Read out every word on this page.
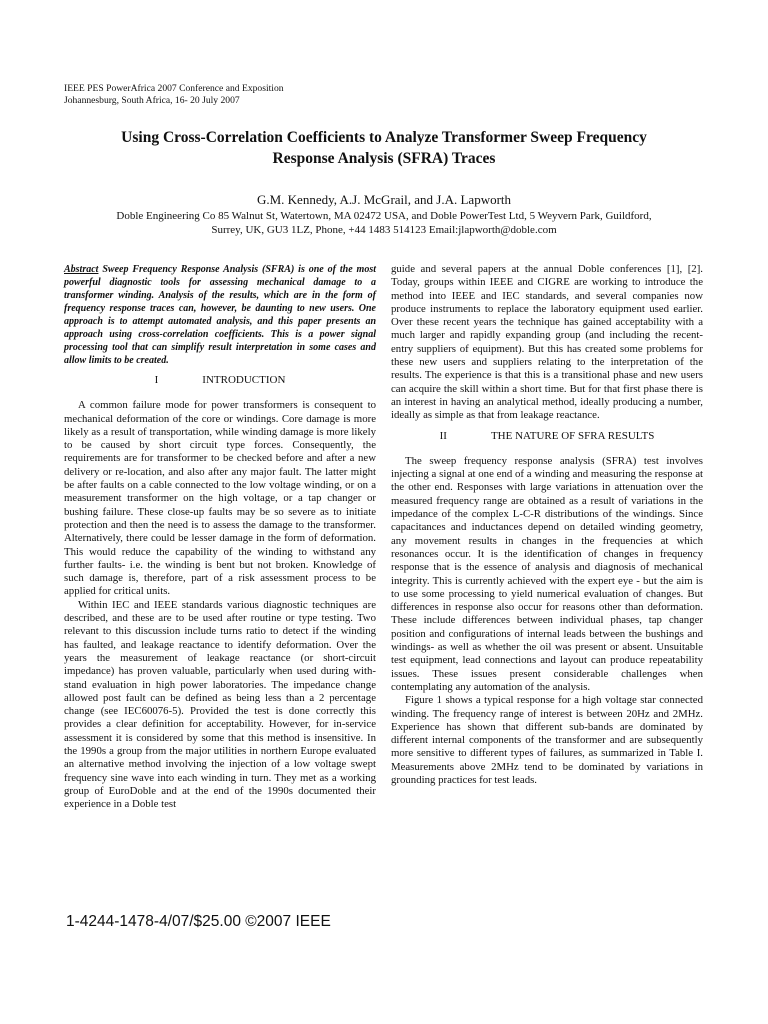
IEEE PES PowerAfrica 2007 Conference and Exposition
Johannesburg, South Africa, 16- 20 July 2007
Using Cross-Correlation Coefficients to Analyze Transformer Sweep Frequency
Response Analysis (SFRA) Traces
G.M. Kennedy, A.J. McGrail, and J.A. Lapworth
Doble Engineering Co 85 Walnut St, Watertown, MA 02472 USA, and Doble PowerTest Ltd, 5 Weyvern Park, Guildford,
Surrey, UK, GU3 1LZ, Phone, +44 1483 514123 Email:jlapworth@doble.com

Abstract Sweep Frequency Response Analysis (SFRA) is one of the most powerful diagnostic tools for assessing mechanical damage to a transformer winding. Analysis of the results, which are in the form of frequency response traces can, however, be daunting to new users. One approach is to attempt automated analysis, and this paper presents an approach using cross-correlation coefficients. This is a power signal processing tool that can simplify result interpretation in some cases and allow limits to be created.

I	INTRODUCTION

A common failure mode for power transformers is consequent to mechanical deformation of the core or windings. Core damage is more likely as a result of transportation, while winding damage is more likely to be caused by short circuit type forces. Consequently, the requirements are for transformer to be checked before and after a new delivery or re-location, and also after any major fault. The latter might be after faults on a cable connected to the low voltage winding, or on a measurement transformer on the high voltage, or a tap changer or bushing failure. These close-up faults may be so severe as to initiate protection and then the need is to assess the damage to the transformer. Alternatively, there could be lesser damage in the form of deformation. This would reduce the capability of the winding to withstand any further faults- i.e. the winding is bent but not broken. Knowledge of such damage is, therefore, part of a risk assessment process to be applied for critical units.

Within IEC and IEEE standards various diagnostic techniques are described, and these are to be used after routine or type testing. Two relevant to this discussion include turns ratio to detect if the winding has faulted, and leakage reactance to identify deformation. Over the years the measurement of leakage reactance (or short-circuit impedance) has proven valuable, particularly when used during with-stand evaluation in high power laboratories. The impedance change allowed post fault can be defined as being less than a 2 percentage change (see IEC60076-5). Provided the test is done correctly this provides a clear definition for acceptability. However, for in-service assessment it is considered by some that this method is insensitive. In the 1990s a group from the major utilities in northern Europe evaluated an alternative method involving the injection of a low voltage swept frequency sine wave into each winding in turn. They met as a working group of EuroDoble and at the end of the 1990s documented their experience in a Doble test

guide and several papers at the annual Doble conferences [1], [2]. Today, groups within IEEE and CIGRE are working to introduce the method into IEEE and IEC standards, and several companies now produce instruments to replace the laboratory equipment used earlier. Over these recent years the technique has gained acceptability with a much larger and rapidly expanding group (and including the recent-entry suppliers of equipment). But this has created some problems for these new users and suppliers relating to the interpretation of the results. The experience is that this is a transitional phase and new users can acquire the skill within a short time. But for that first phase there is an interest in having an analytical method, ideally producing a number, ideally as simple as that from leakage reactance.

II	THE NATURE OF SFRA RESULTS

The sweep frequency response analysis (SFRA) test involves injecting a signal at one end of a winding and measuring the response at the other end. Responses with large variations in attenuation over the measured frequency range are obtained as a result of variations in the impedance of the complex L-C-R distributions of the windings. Since capacitances and inductances depend on detailed winding geometry, any movement results in changes in the frequencies at which resonances occur. It is the identification of changes in frequency response that is the essence of analysis and diagnosis of mechanical integrity. This is currently achieved with the expert eye - but the aim is to use some processing to yield numerical evaluation of changes. But differences in response also occur for reasons other than deformation. These include differences between individual phases, tap changer position and configurations of internal leads between the bushings and windings- as well as whether the oil was present or absent. Unsuitable test equipment, lead connections and layout can produce repeatability issues. These issues present considerable challenges when contemplating any automation of the analysis.

Figure 1 shows a typical response for a high voltage star connected winding. The frequency range of interest is between 20Hz and 2MHz. Experience has shown that different sub-bands are dominated by different internal components of the transformer and are subsequently more sensitive to different types of failures, as summarized in Table I. Measurements above 2MHz tend to be dominated by variations in grounding practices for test leads.

1-4244-1478-4/07/$25.00 ©2007 IEEE
